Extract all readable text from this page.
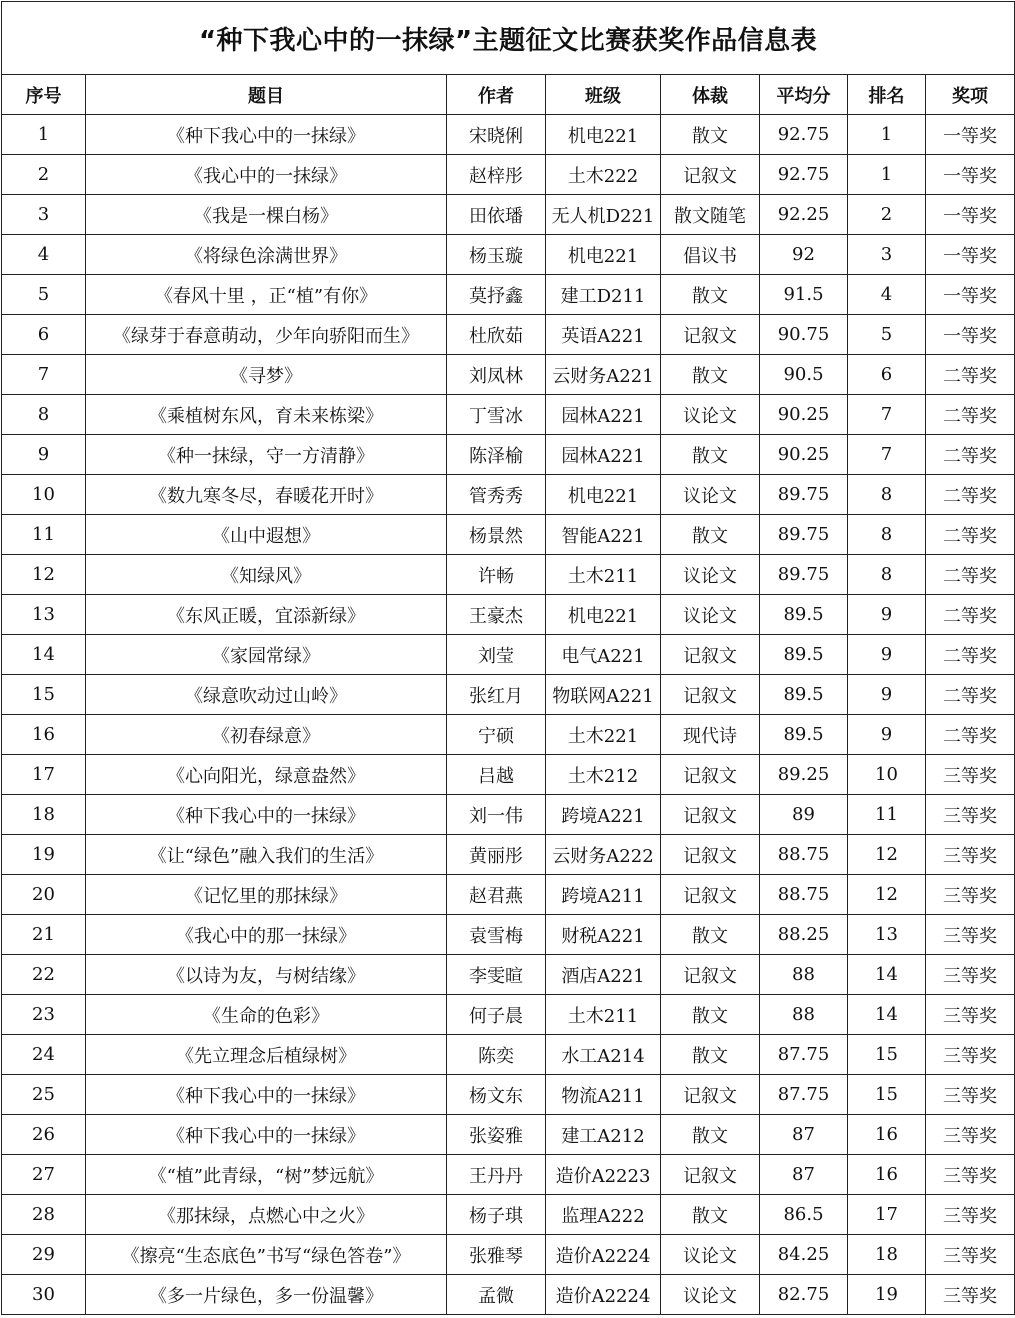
“种下我心中的一抹绿”主题征文比赛获奖作品信息表							
序号	题目	作者	班级	体裁	平均分	排名	奖项
1	《种下我心中的一抹绿》	宋晓俐	机电221	散文	92.75	1	一等奖
2	《我心中的一抹绿》	赵梓彤	土木222	记叙文	92.75	1	一等奖
3	《我是一棵白杨》	田依璠	无人机D221	散文随笔	92.25	2	一等奖
4	《将绿色涂满世界》	杨玉璇	机电221	倡议书	92	3	一等奖
5	《春风十里 ，正“植”有你》	莫抒鑫	建工D211	散文	91.5	4	一等奖
6	《绿芽于春意萌动，少年向骄阳而生》	杜欣茹	英语A221	记叙文	90.75	5	一等奖
7	《寻梦》	刘凤林	云财务A221	散文	90.5	6	二等奖
8	《乘植树东风，育未来栋梁》	丁雪冰	园林A221	议论文	90.25	7	二等奖
9	《种一抹绿，守一方清静》	陈泽榆	园林A221	散文	90.25	7	二等奖
10	《数九寒冬尽，春暖花开时》	管秀秀	机电221	议论文	89.75	8	二等奖
11	《山中遐想》	杨景然	智能A221	散文	89.75	8	二等奖
12	《知绿风》	许畅	土木211	议论文	89.75	8	二等奖
13	《东风正暖，宜添新绿》	王豪杰	机电221	议论文	89.5	9	二等奖
14	《家园常绿》	刘莹	电气A221	记叙文	89.5	9	二等奖
15	《绿意吹动过山岭》	张红月	物联网A221	记叙文	89.5	9	二等奖
16	《初春绿意》	宁硕	土木221	现代诗	89.5	9	二等奖
17	《心向阳光，绿意盎然》	吕越	土木212	记叙文	89.25	10	三等奖
18	《种下我心中的一抹绿》	刘一伟	跨境A221	记叙文	89	11	三等奖
19	《让“绿色”融入我们的生活》	黄丽彤	云财务A222	记叙文	88.75	12	三等奖
20	《记忆里的那抹绿》	赵君燕	跨境A211	记叙文	88.75	12	三等奖
21	《我心中的那一抹绿》	袁雪梅	财税A221	散文	88.25	13	三等奖
22	《以诗为友，与树结缘》	李雯暄	酒店A221	记叙文	88	14	三等奖
23	《生命的色彩》	何子晨	土木211	散文	88	14	三等奖
24	《先立理念后植绿树》	陈奕	水工A214	散文	87.75	15	三等奖
25	《种下我心中的一抹绿》	杨文东	物流A211	记叙文	87.75	15	三等奖
26	《种下我心中的一抹绿》	张姿雅	建工A212	散文	87	16	三等奖
27	《“植”此青绿，“树”梦远航》	王丹丹	造价A2223	记叙文	87	16	三等奖
28	《那抹绿，点燃心中之火》	杨子琪	监理A222	散文	86.5	17	三等奖
29	《擦亮“生态底色”书写“绿色答卷”》	张雅琴	造价A2224	议论文	84.25	18	三等奖
30	《多一片绿色，多一份温馨》	孟微	造价A2224	议论文	82.75	19	三等奖
